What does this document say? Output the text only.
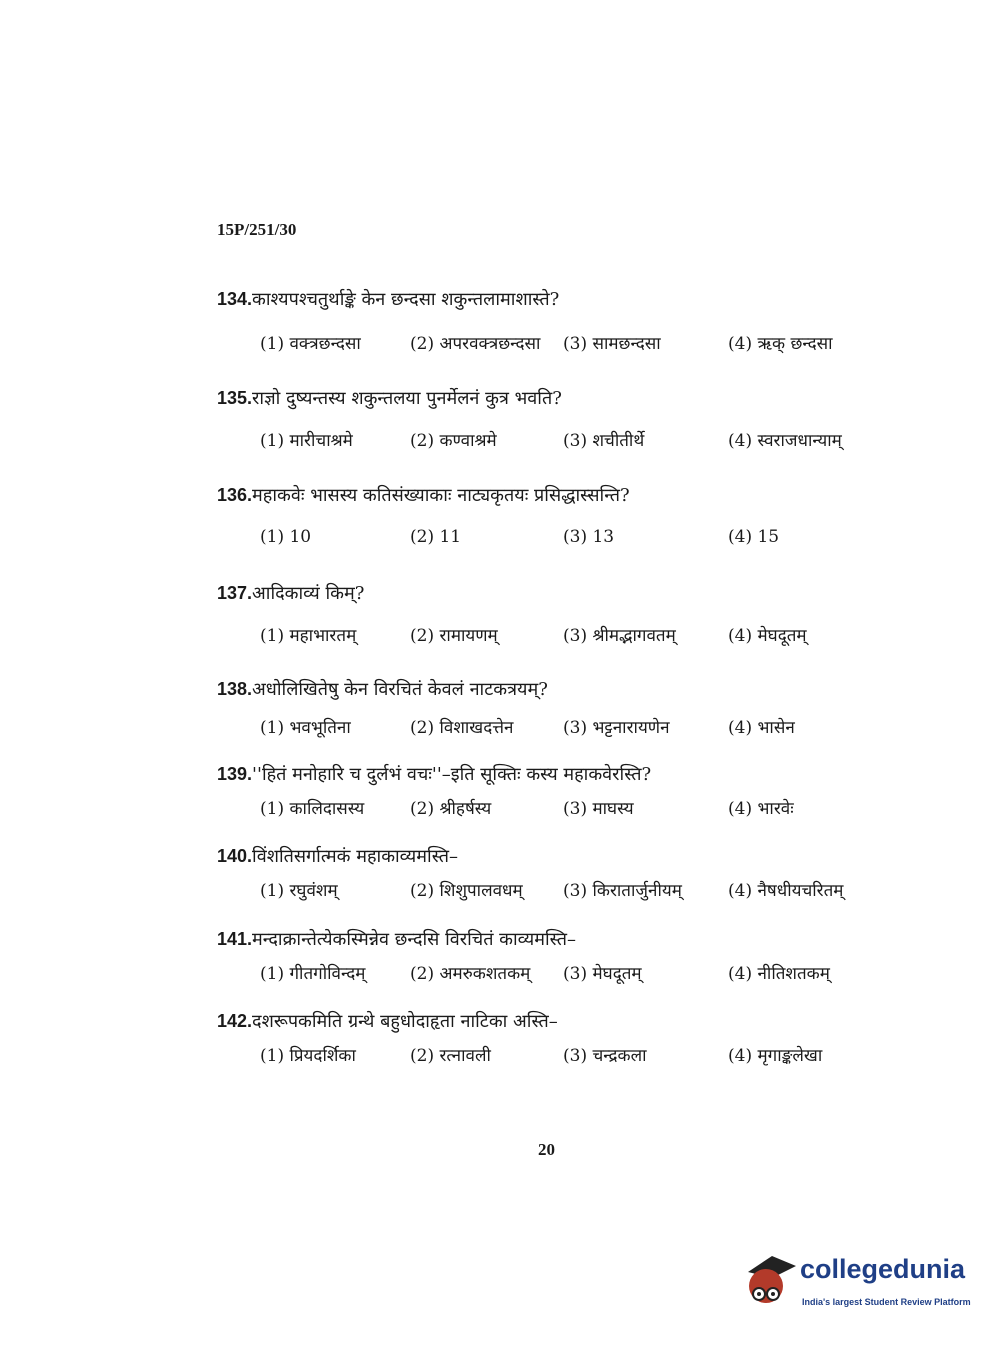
15P/251/30
134.काश्यपश्चतुर्थाङ्के केन छन्दसा शकुन्तलामाशास्ते?
(1) वक्त्रछन्दसा	(2) अपरवक्त्रछन्दसा (3) सामछन्दसा	(4) ऋक् छन्दसा
135.राज्ञो दुष्यन्तस्य शकुन्तलया पुनर्मेलनं कुत्र भवति?
(1) मारीचाश्रमे	(2) कण्वाश्रमे	(3) शचीतीर्थे	(4) स्वराजधान्याम्
136.महाकवेः भासस्य कतिसंख्याकाः नाट्यकृतयः प्रसिद्धास्सन्ति?
(1) 10	(2) 11	(3) 13	(4) 15
137.आदिकाव्यं किम्?
(1) महाभारतम्	(2) रामायणम्	(3) श्रीमद्भागवतम्	(4) मेघदूतम्
138.अधोलिखितेषु केन विरचितं केवलं नाटकत्रयम्?
(1) भवभूतिना	(2) विशाखदत्तेन	(3) भट्टनारायणेन	(4) भासेन
139.''हितं मनोहारि च दुर्लभं वचः''–इति सूक्तिः कस्य महाकवेरस्ति?
(1) कालिदासस्य	(2) श्रीहर्षस्य	(3) माघस्य	(4) भारवेः
140.विंशतिसर्गात्मकं महाकाव्यमस्ति–
(1) रघुवंशम्	(2) शिशुपालवधम् (3) किरातार्जुनीयम्	(4) नैषधीयचरितम्
141.मन्दाक्रान्तेत्येकस्मिन्नेव छन्दसि विरचितं काव्यमस्ति–
(1) गीतगोविन्दम्	(2) अमरुकशतकम् (3) मेघदूतम्	(4) नीतिशतकम्
142.दशरूपकमिति ग्रन्थे बहुधोदाहृता नाटिका अस्ति–
(1) प्रियदर्शिका	(2) रत्नावली	(3) चन्द्रकला	(4) मृगाङ्कलेखा
20
collegedunia
India's largest Student Review Platform
